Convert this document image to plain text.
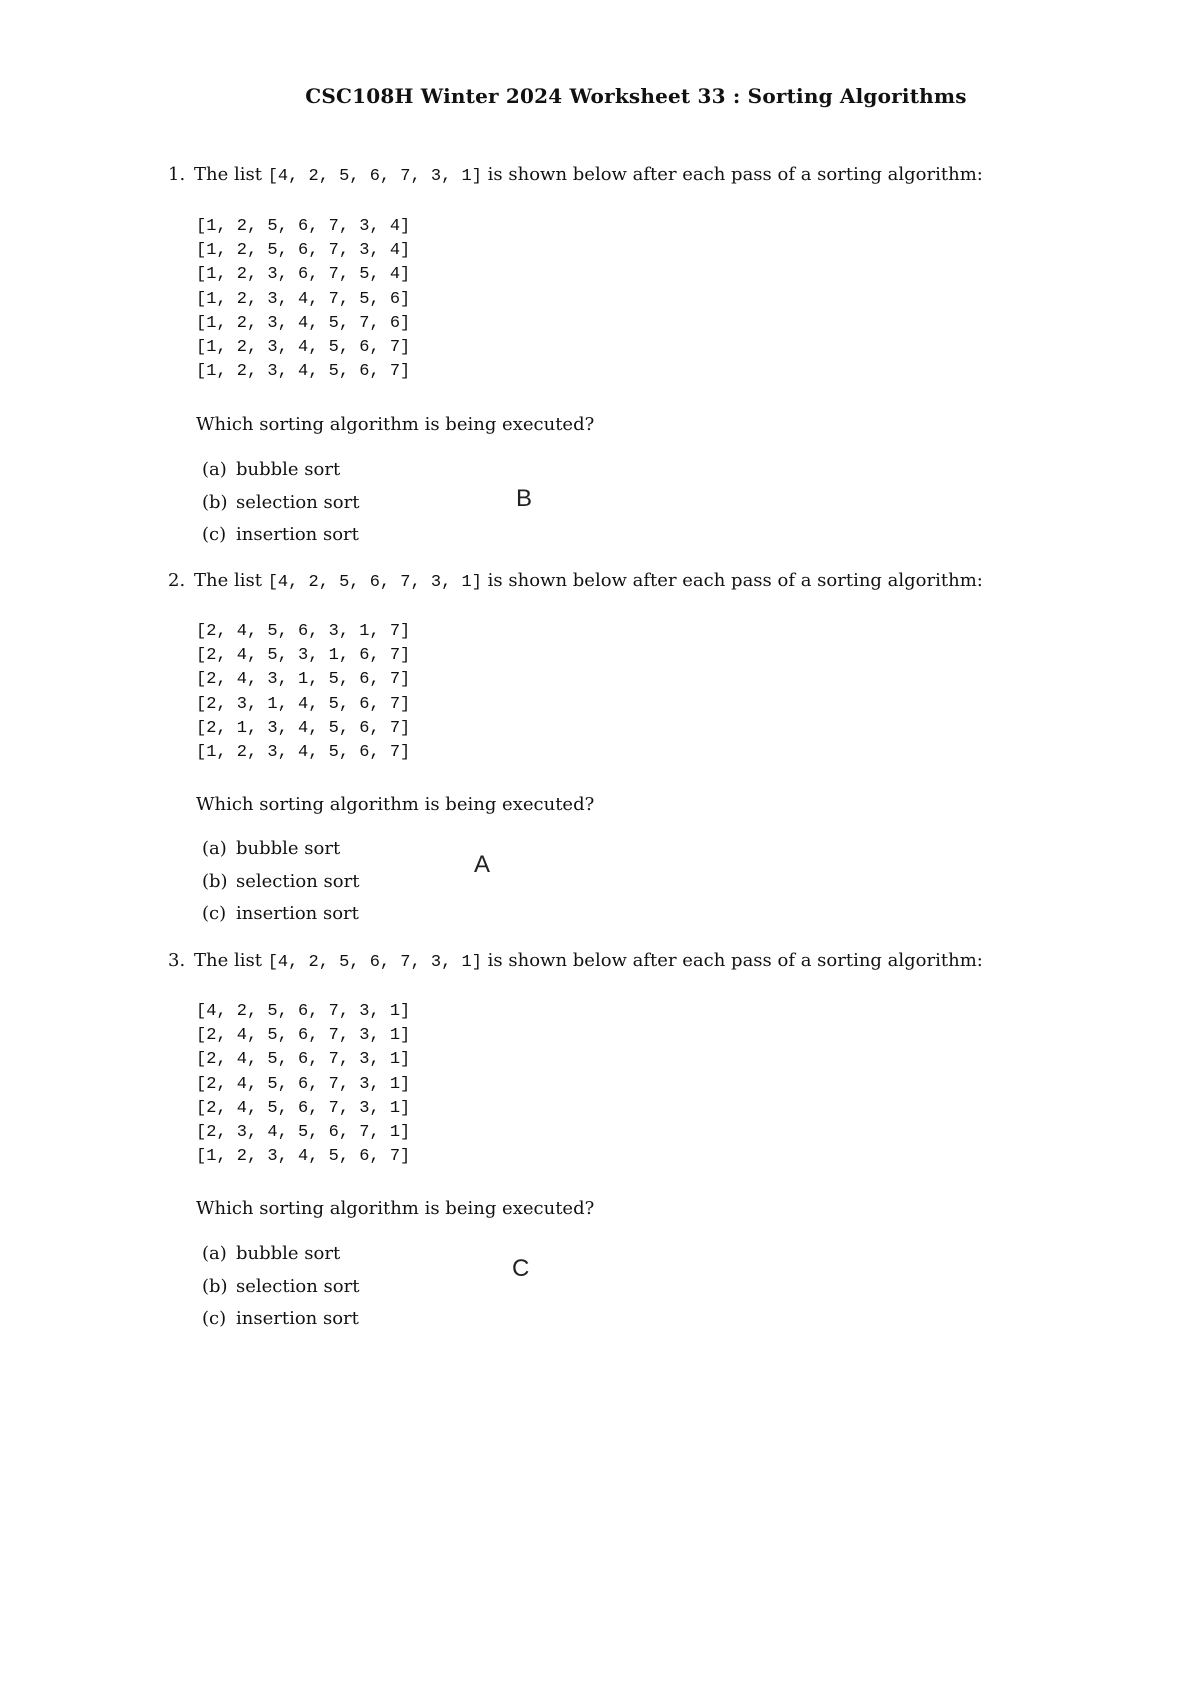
CSC108H Winter 2024 Worksheet 33 : Sorting Algorithms
1. The list [4, 2, 5, 6, 7, 3, 1] is shown below after each pass of a sorting algorithm:
[1, 2, 5, 6, 7, 3, 4]
[1, 2, 5, 6, 7, 3, 4]
[1, 2, 3, 6, 7, 5, 4]
[1, 2, 3, 4, 7, 5, 6]
[1, 2, 3, 4, 5, 7, 6]
[1, 2, 3, 4, 5, 6, 7]
[1, 2, 3, 4, 5, 6, 7]
Which sorting algorithm is being executed?
(a) bubble sort
(b) selection sort
(c) insertion sort
B
2. The list [4, 2, 5, 6, 7, 3, 1] is shown below after each pass of a sorting algorithm:
[2, 4, 5, 6, 3, 1, 7]
[2, 4, 5, 3, 1, 6, 7]
[2, 4, 3, 1, 5, 6, 7]
[2, 3, 1, 4, 5, 6, 7]
[2, 1, 3, 4, 5, 6, 7]
[1, 2, 3, 4, 5, 6, 7]
Which sorting algorithm is being executed?
(a) bubble sort
(b) selection sort
(c) insertion sort
A
3. The list [4, 2, 5, 6, 7, 3, 1] is shown below after each pass of a sorting algorithm:
[4, 2, 5, 6, 7, 3, 1]
[2, 4, 5, 6, 7, 3, 1]
[2, 4, 5, 6, 7, 3, 1]
[2, 4, 5, 6, 7, 3, 1]
[2, 4, 5, 6, 7, 3, 1]
[2, 3, 4, 5, 6, 7, 1]
[1, 2, 3, 4, 5, 6, 7]
Which sorting algorithm is being executed?
(a) bubble sort
(b) selection sort
(c) insertion sort
C
